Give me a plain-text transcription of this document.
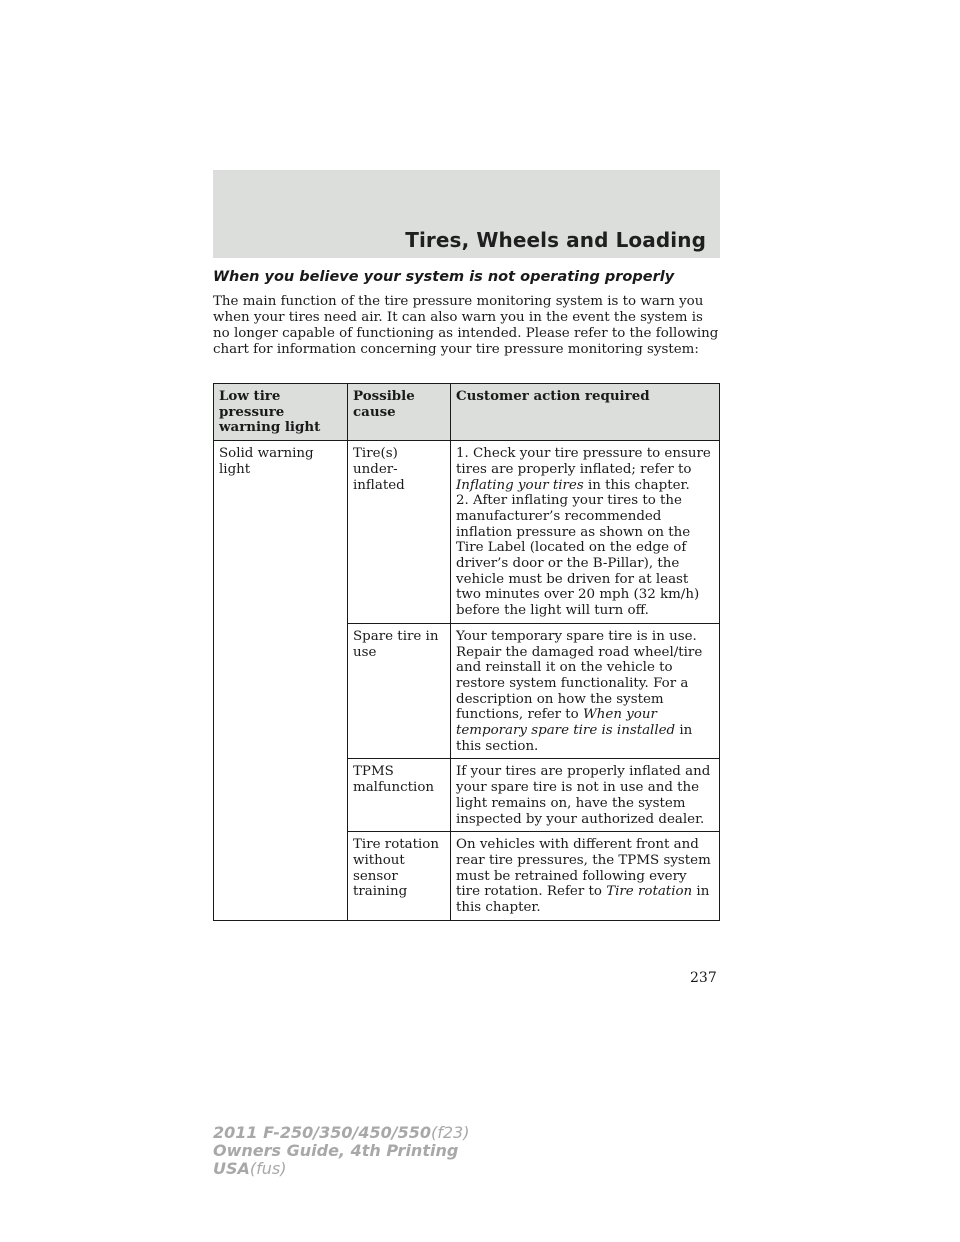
Tires, Wheels and Loading
When you believe your system is not operating properly

The main function of the tire pressure monitoring system is to warn you when your tires need air. It can also warn you in the event the system is no longer capable of functioning as intended. Please refer to the following chart for information concerning your tire pressure monitoring system:

Low tire pressure warning light	Possible cause	Customer action required
Solid warning light	Tire(s) under-inflated	1. Check your tire pressure to ensure tires are properly inflated; refer to Inflating your tires in this chapter.
2. After inflating your tires to the manufacturer’s recommended inflation pressure as shown on the Tire Label (located on the edge of driver’s door or the B-Pillar), the vehicle must be driven for at least two minutes over 20 mph (32 km/h) before the light will turn off.
	Spare tire in use	Your temporary spare tire is in use. Repair the damaged road wheel/tire and reinstall it on the vehicle to restore system functionality. For a description on how the system functions, refer to When your temporary spare tire is installed in this section.
	TPMS malfunction	If your tires are properly inflated and your spare tire is not in use and the light remains on, have the system inspected by your authorized dealer.
	Tire rotation without sensor training	On vehicles with different front and rear tire pressures, the TPMS system must be retrained following every tire rotation. Refer to Tire rotation in this chapter.
237
2011 F-250/350/450/550(f23)
Owners Guide, 4th Printing
USA(fus)
